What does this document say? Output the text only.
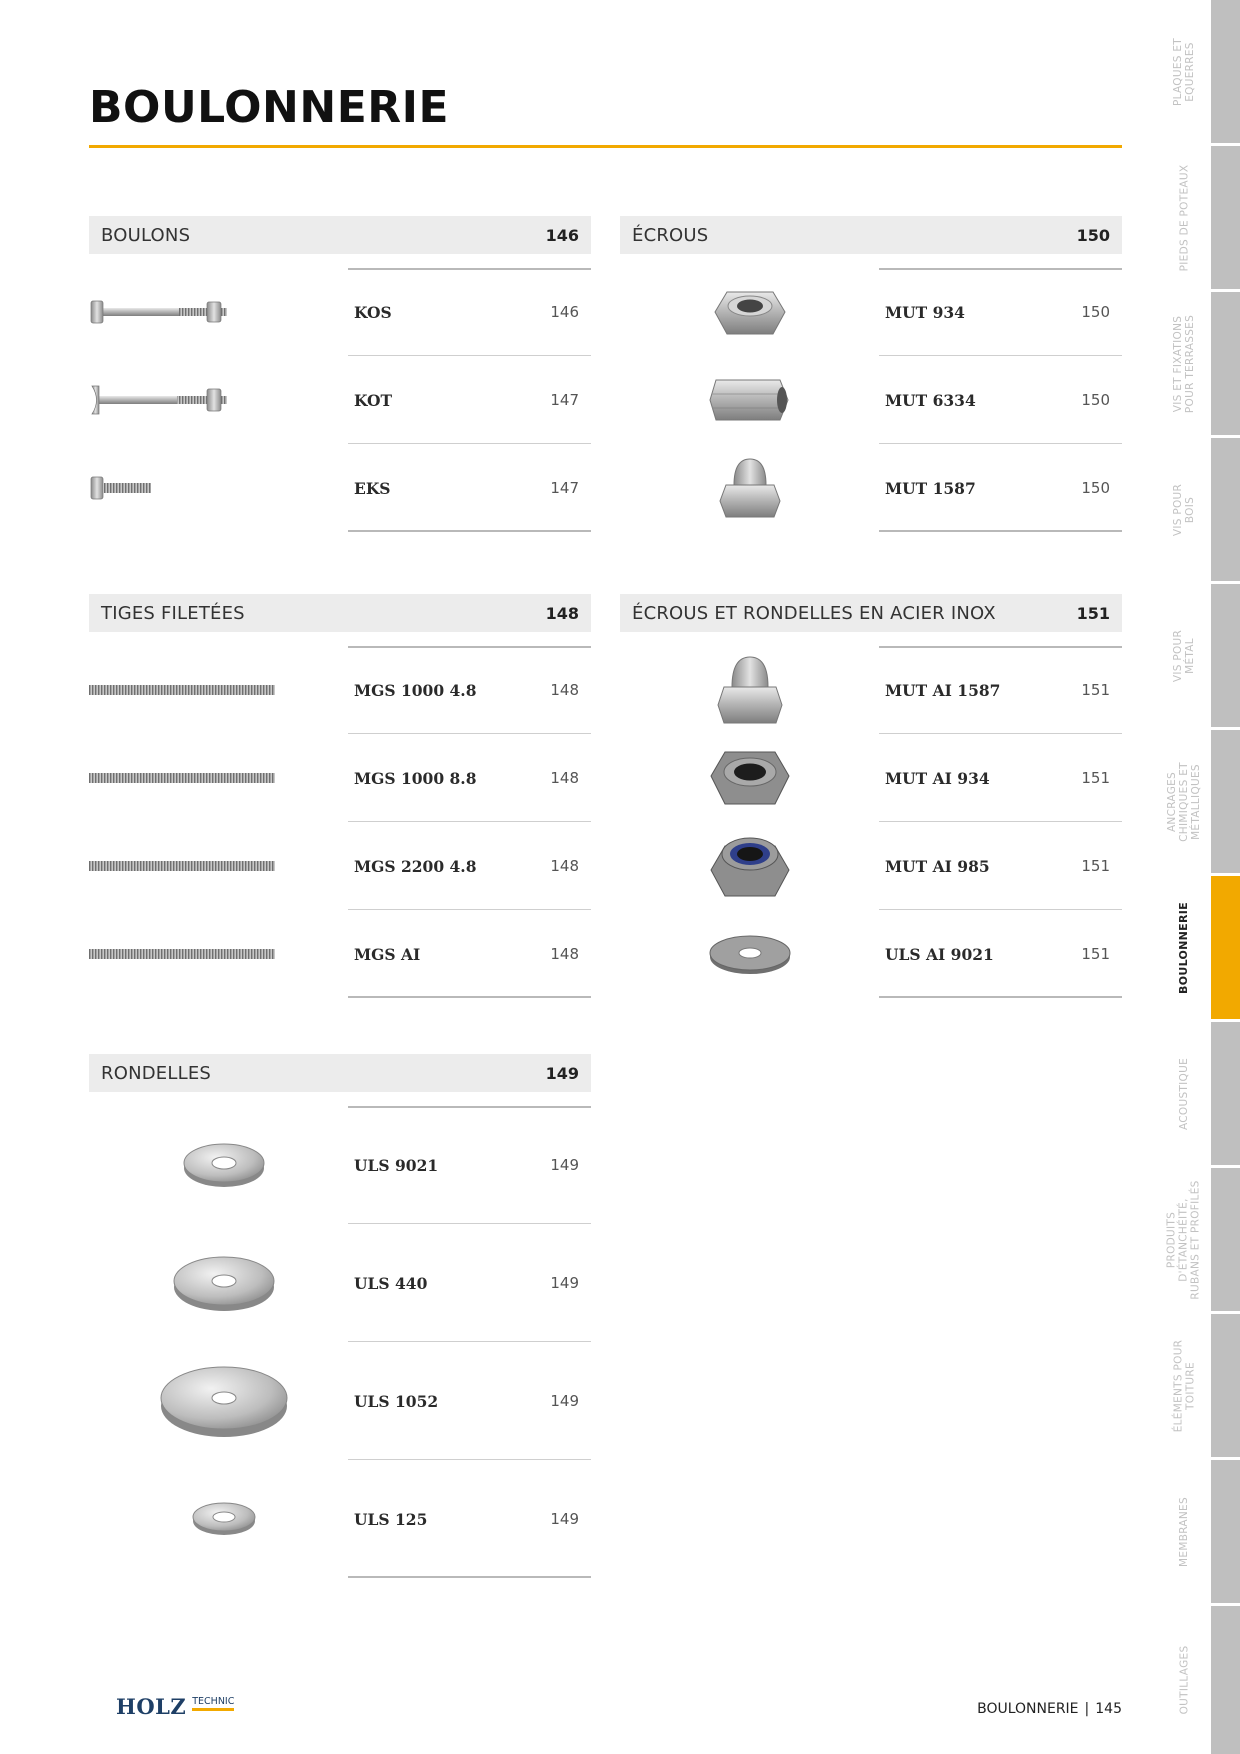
BOULONNERIE
BOULONS	146
KOS	146
KOT	147
EKS	147
ÉCROUS	150
MUT 934	150
MUT 6334	150
MUT 1587	150
TIGES FILETÉES	148
MGS 1000 4.8	148
MGS 1000 8.8	148
MGS 2200 4.8	148
MGS AI	148
ÉCROUS ET RONDELLES EN ACIER INOX	151
MUT AI 1587	151
MUT AI 934	151
MUT AI 985	151
ULS AI 9021	151
RONDELLES	149
ULS 9021	149
ULS 440	149
ULS 1052	149
ULS 125	149
PLAQUES ET
EQUERRES
PIEDS DE POTEAUX
VIS ET FIXATIONS
POUR TERRASSES
VIS POUR
BOIS
VIS POUR
MÉTAL
ANCRAGES
CHIMIQUES ET
MÉTALLIQUES
BOULONNERIE
ACOUSTIQUE
PRODUITS
D'ÉTANCHÉITÉ,
RUBANS ET PROFILÉS
ÉLÉMENTS POUR
TOITURE
MEMBRANES
OUTILLAGES
HOLZ TECHNIC	BOULONNERIE | 145
